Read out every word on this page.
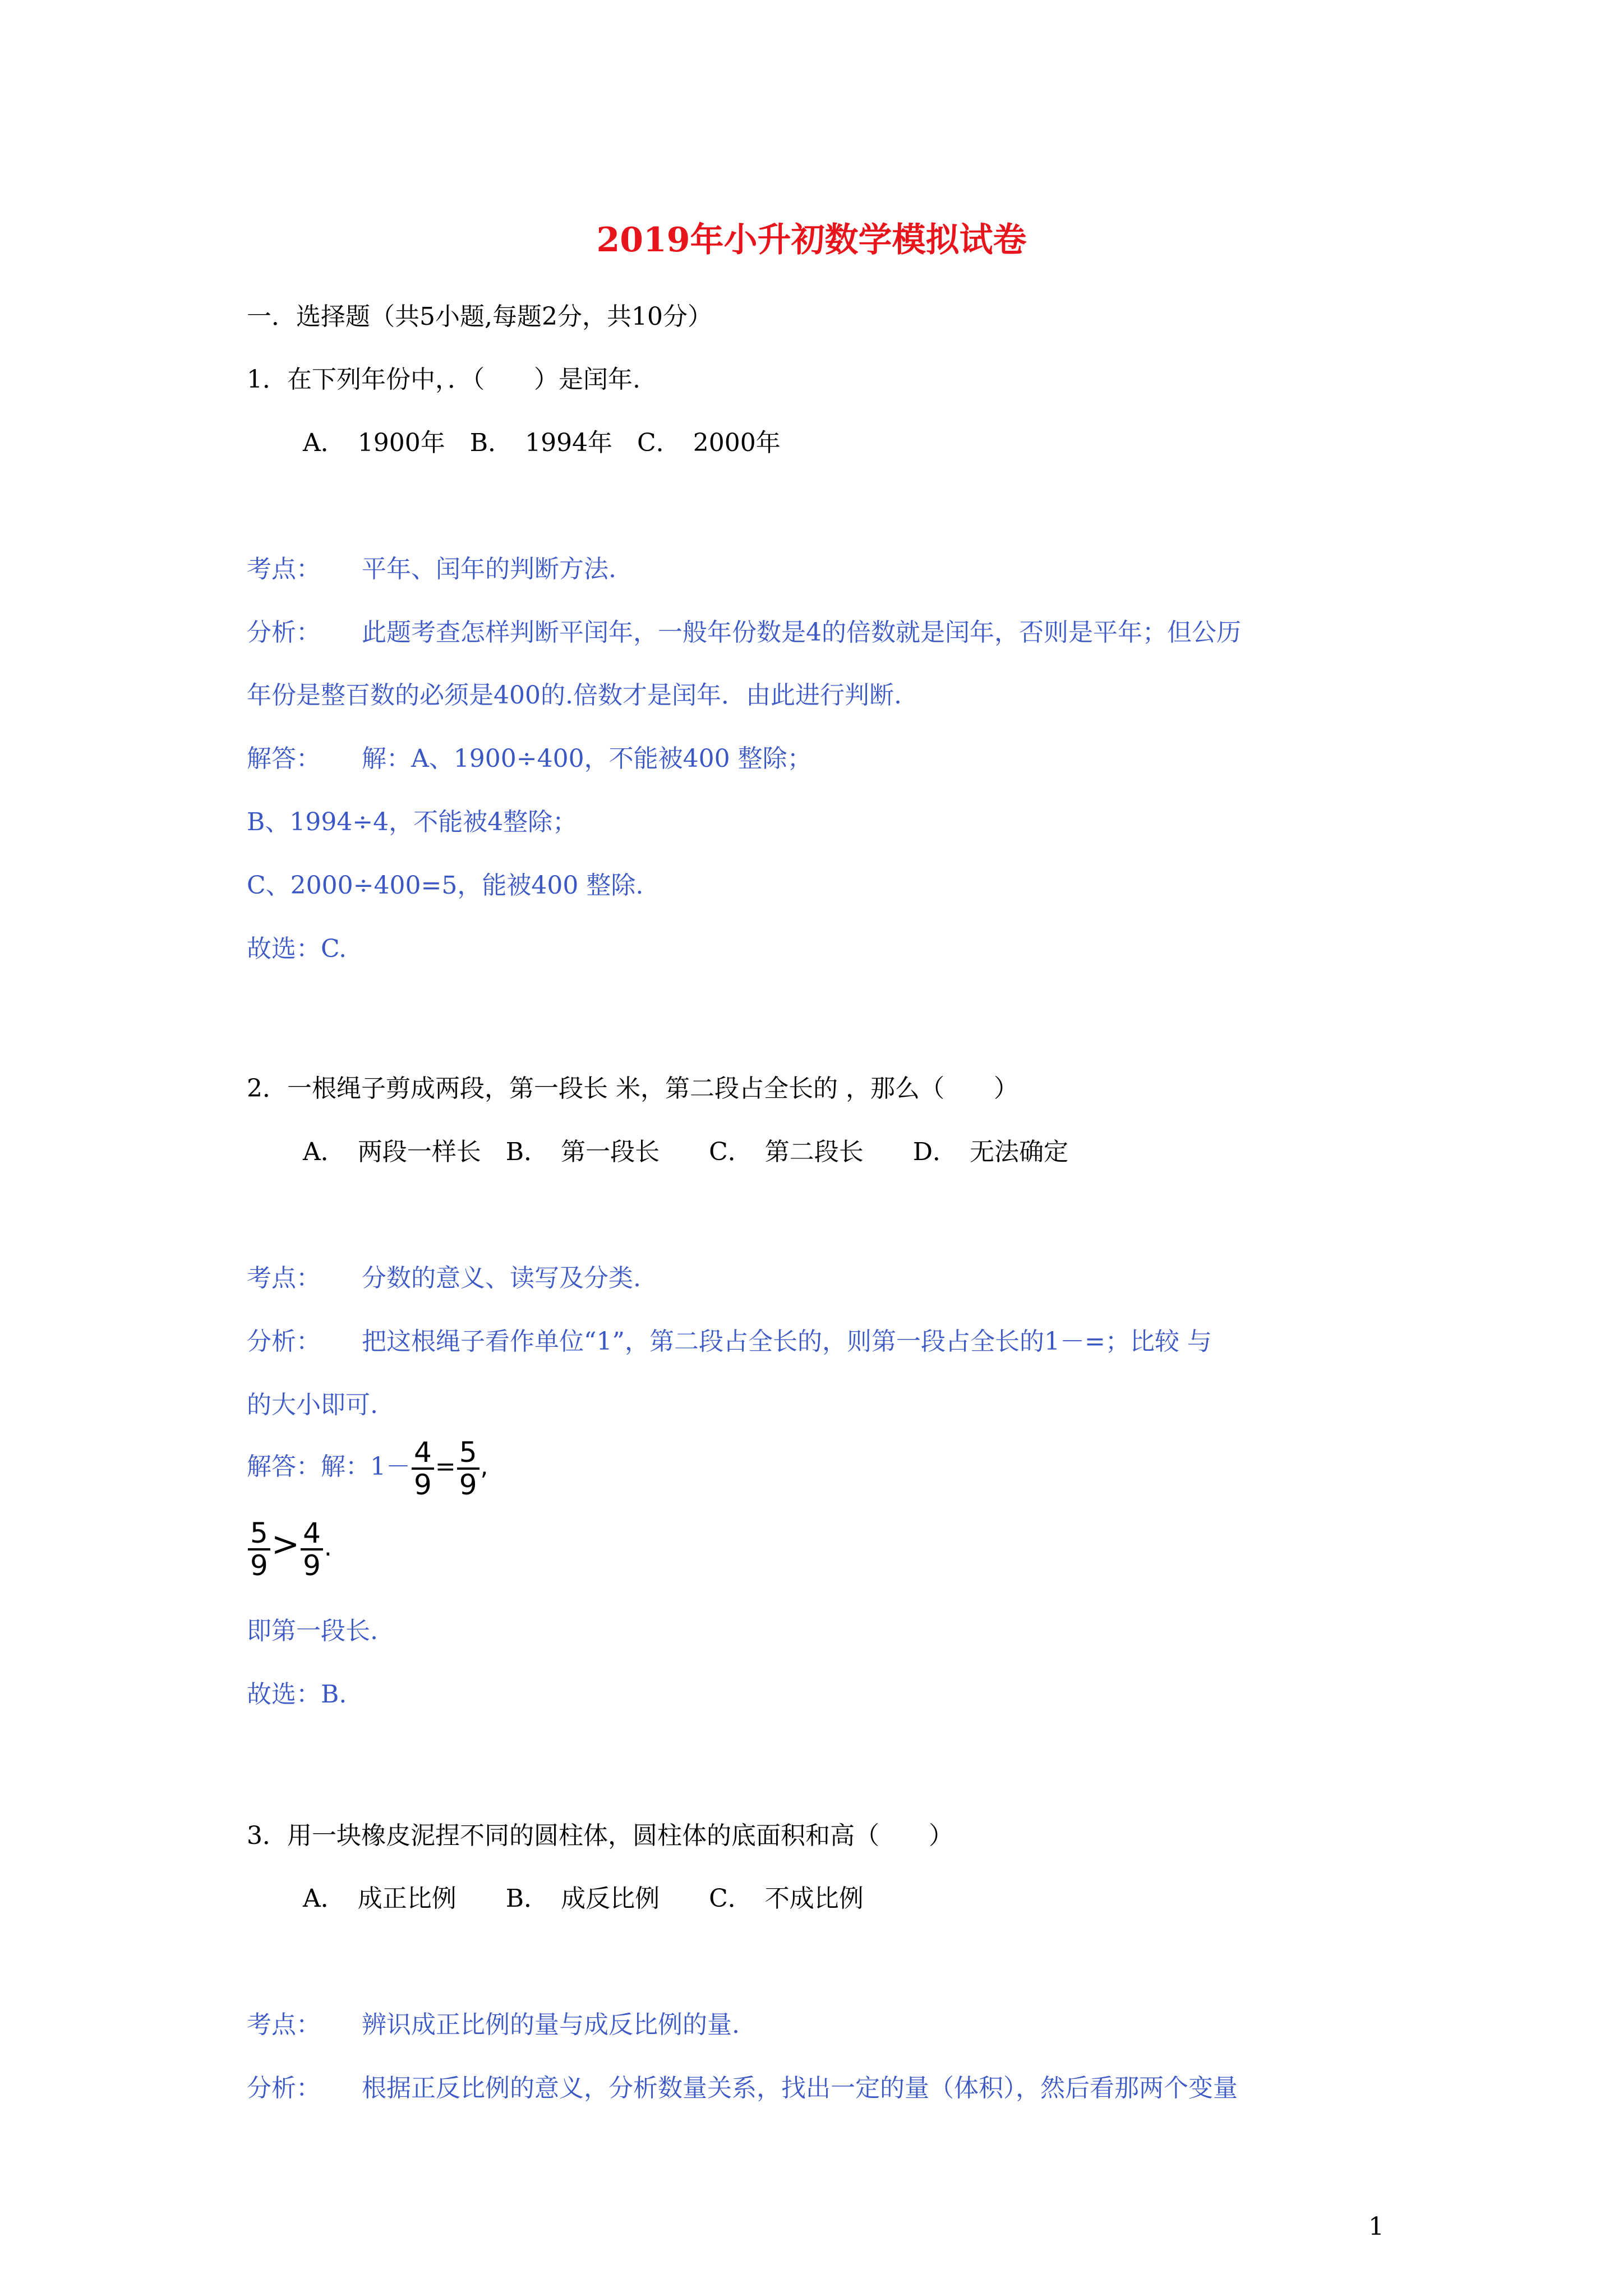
2019年小升初数学模拟试卷
一．选择题（共5小题,每题2分，共10分）
1．在下列年份中，．（　　）是闰年.
A．　1900年　B．　1994年　C．　2000年
考点： 平年、闰年的判断方法.
分析： 此题考查怎样判断平闰年，一般年份数是4的倍数就是闰年，否则是平年；但公历
年份是整百数的必须是400的.倍数才是闰年．由此进行判断.
解答： 解：A、1900÷400，不能被400 整除；
B、1994÷4，不能被4整除；
C、2000÷400=5，能被400 整除.
故选：C.
2．一根绳子剪成两段，第一段长 米，第二段占全长的 ，那么（　　）
A．　两段一样长　B．　第一段长　　C．　第二段长　　D．　无法确定
考点： 分数的意义、读写及分类.
分析： 把这根绳子看作单位“1”，第二段占全长的，则第一段占全长的1－=；比较 与
的大小即可.
解答：解：$1- \frac{4}{9} = \frac{5}{9}$ ,
$\frac{5}{9} > \frac{4}{9}$ .
即第一段长.
故选：B.
3．用一块橡皮泥捏不同的圆柱体，圆柱体的底面积和高（　　）
A．　成正比例　　B．　成反比例　　C．　不成比例
考点： 辨识成正比例的量与成反比例的量.
分析： 根据正反比例的意义，分析数量关系，找出一定的量（体积），然后看那两个变量
1
